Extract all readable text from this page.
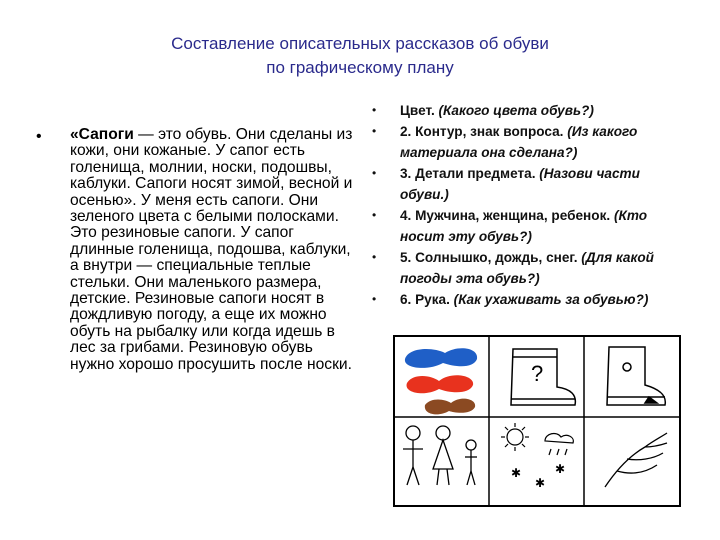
Составление описательных рассказов об обуви
по графическому плану
• «Сапоги — это обувь. Они сделаны из кожи, они кожаные. У сапог есть голенища, молнии, носки, подошвы, каблуки. Сапоги носят зимой, весной и осенью». У меня есть сапоги. Они зеленого цвета с белыми полосками. Это резиновые сапоги. У сапог длинные голенища, подошва, каблуки, а внутри — специальные теплые стельки. Они маленького размера, детские. Резиновые сапоги носят в дождливую погоду, а еще их можно обуть на рыбалку или когда идешь в лес за грибами. Резиновую обувь нужно хорошо просушить после носки.
• Цвет. (Какого цвета обувь?)
• 2. Контур, знак вопроса. (Из какого материала она сделана?)
• 3. Детали предмета. (Назови части обуви.)
• 4. Мужчина, женщина, ребенок. (Кто носит эту обувь?)
• 5. Солнышко, дождь, снег. (Для какой погоды эта обувь?)
• 6. Рука. (Как ухаживать за обувью?)
?
✱
✱
✱
